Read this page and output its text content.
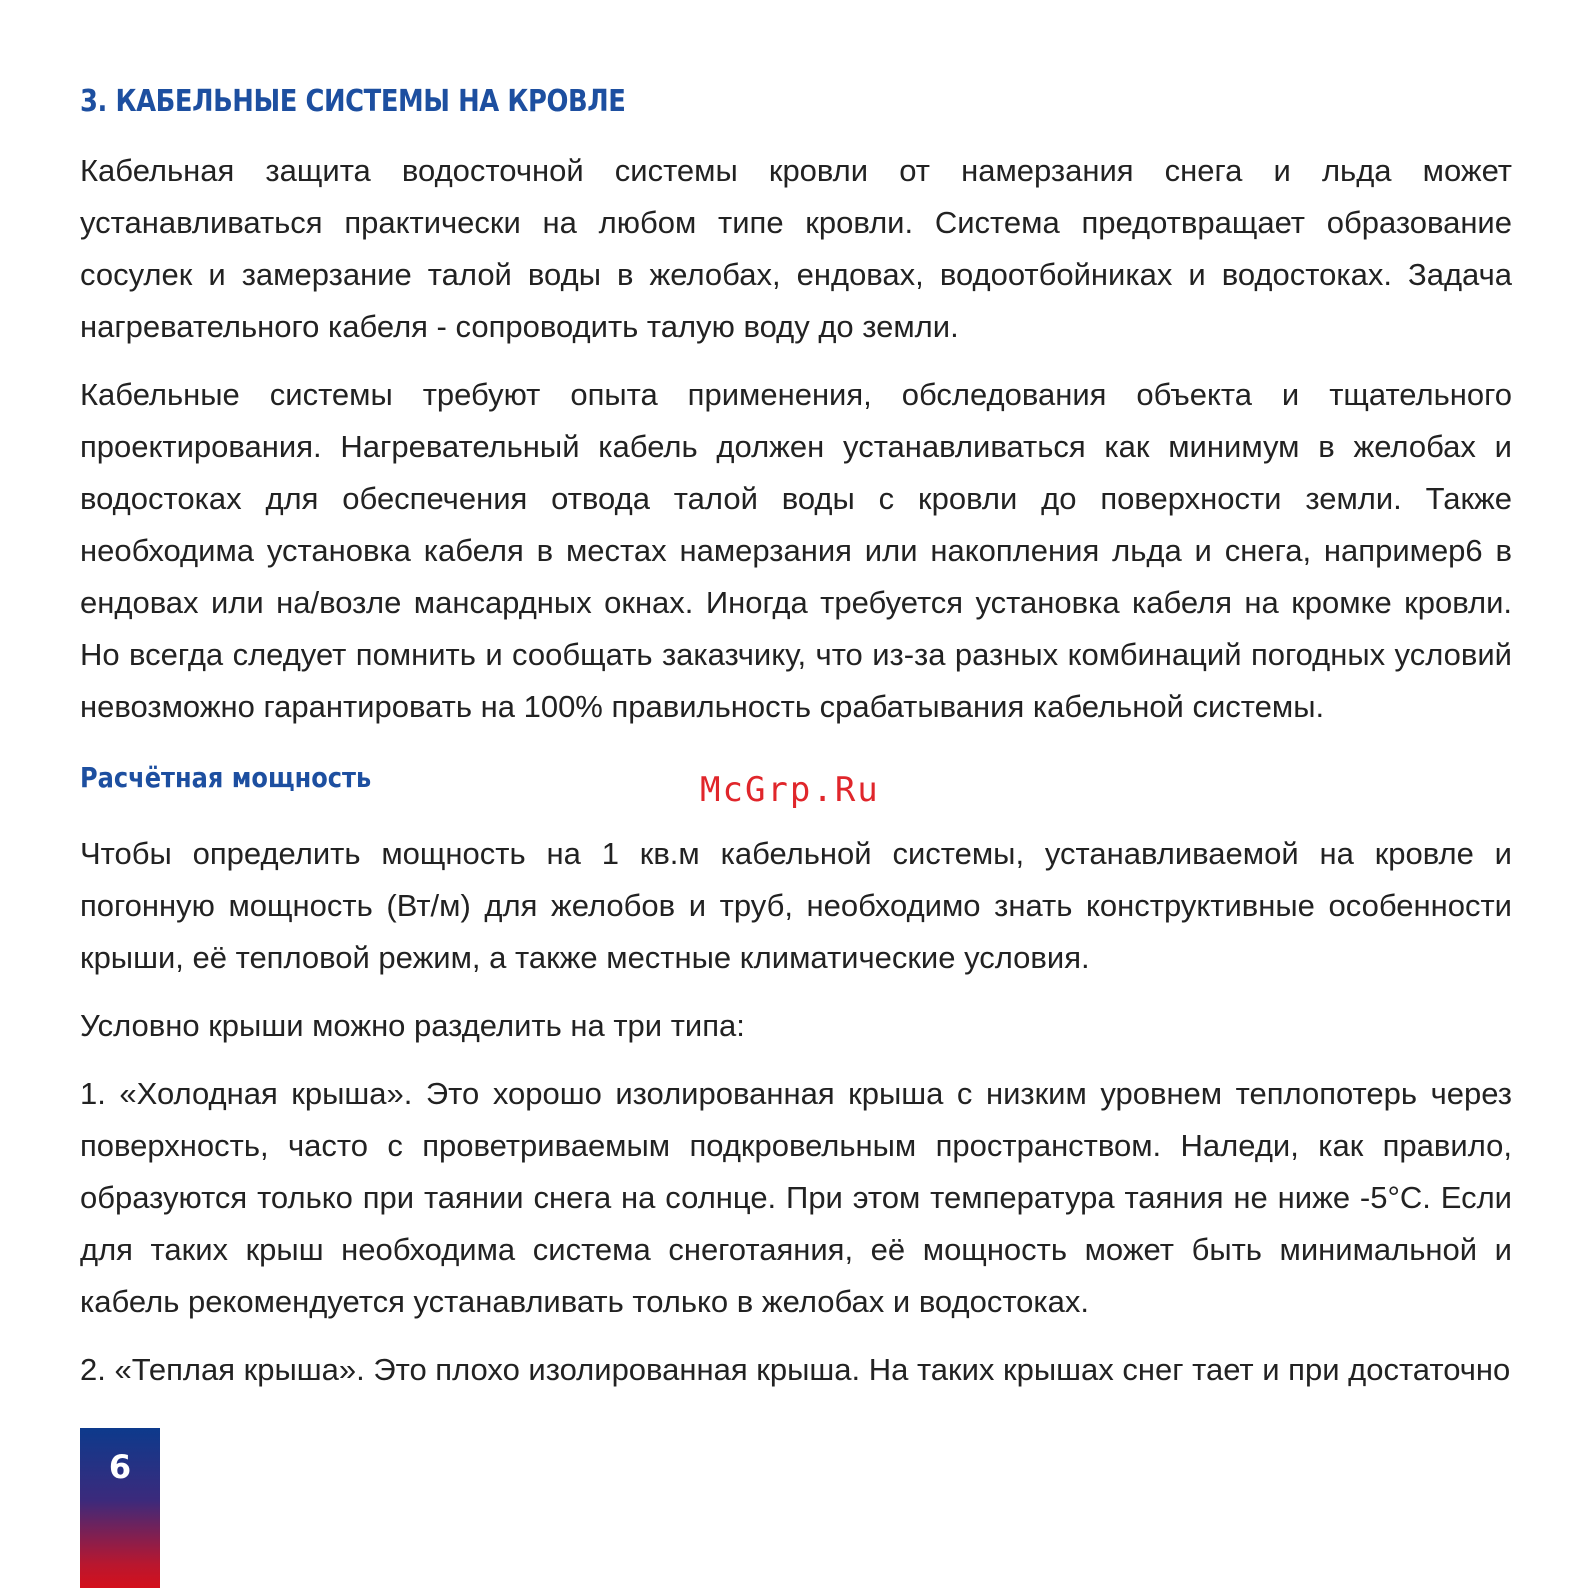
3. КАБЕЛЬНЫЕ СИСТЕМЫ НА КРОВЛЕ

Кабельная защита водосточной системы кровли от намерзания снега и льда может устанавливаться практически на любом типе кровли. Система предотвращает образование сосулек и замерзание талой воды в желобах, ендовах, водоотбойниках и водостоках. Задача нагревательного кабеля - сопроводить талую воду до земли.

Кабельные системы требуют опыта применения, обследования объекта и тщательного проектирования. Нагревательный кабель должен устанавливаться как минимум в желобах и водостоках для обеспечения отвода талой воды с кровли до поверхности земли. Также необходима установка кабеля в местах намерзания или накопления льда и снега, например6 в ендовах или на/возле мансардных окнах. Иногда требуется установка кабеля на кромке кровли. Но всегда следует помнить и сообщать заказчику, что из-за разных комбинаций погодных условий невозможно гарантировать на 100% правильность срабатывания кабельной системы.

Расчётная мощность

Чтобы определить мощность на 1 кв.м кабельной системы, устанавливаемой на кровле и погонную мощность (Вт/м) для желобов и труб, необходимо знать конструктивные особенности крыши, её тепловой режим, а также местные климатические условия.

Условно крыши можно разделить на три типа:

1. «Холодная крыша». Это хорошо изолированная крыша с низким уровнем теплопотерь через поверхность, часто с проветриваемым подкровельным пространством. Наледи, как правило, образуются только при таянии снега на солнце. При этом температура таяния не ниже -5°С. Если для таких крыш необходима система снеготаяния, её мощность может быть минимальной и кабель рекомендуется устанавливать только в желобах и водостоках.

2. «Теплая крыша». Это плохо изолированная крыша. На таких крышах снег тает и при достаточно

McGrp.Ru
6
